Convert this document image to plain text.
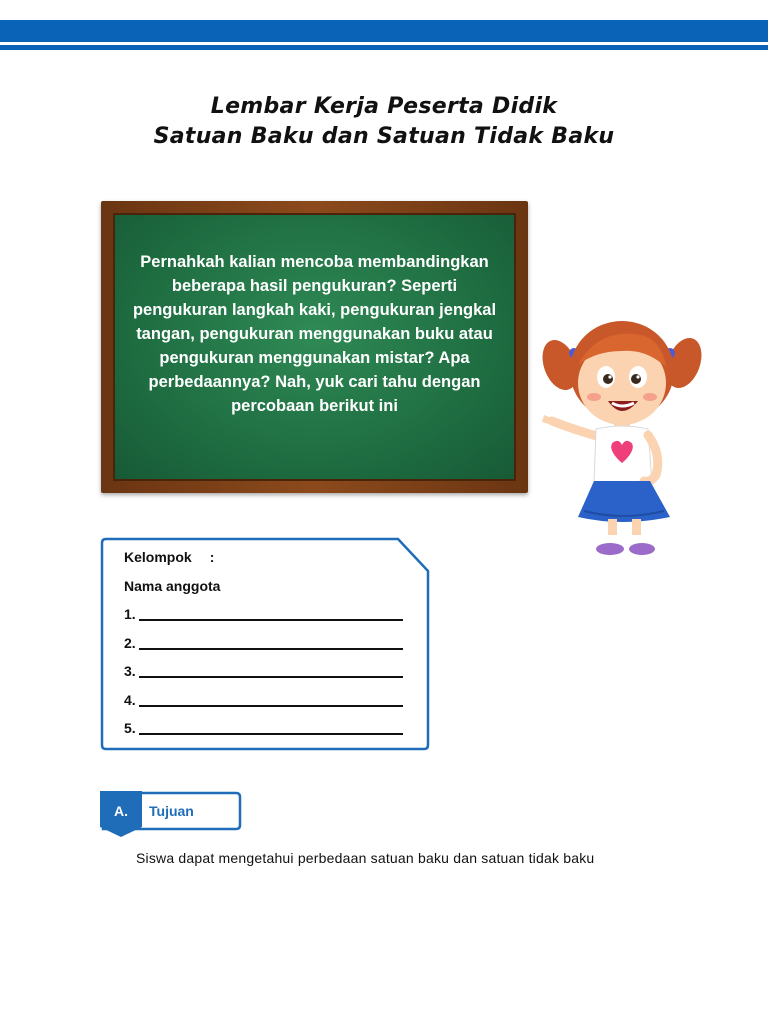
Lembar Kerja Peserta Didik
Satuan Baku dan Satuan Tidak Baku
Pernahkah kalian mencoba membandingkan beberapa hasil pengukuran? Seperti pengukuran langkah kaki, pengukuran jengkal tangan, pengukuran menggunakan buku atau pengukuran menggunakan mistar? Apa perbedaannya? Nah, yuk cari tahu dengan percobaan berikut ini
Kelompok :
Nama anggota
1.
2.
3.
4.
5.
A.	Tujuan
Siswa dapat mengetahui perbedaan satuan baku dan satuan tidak baku
